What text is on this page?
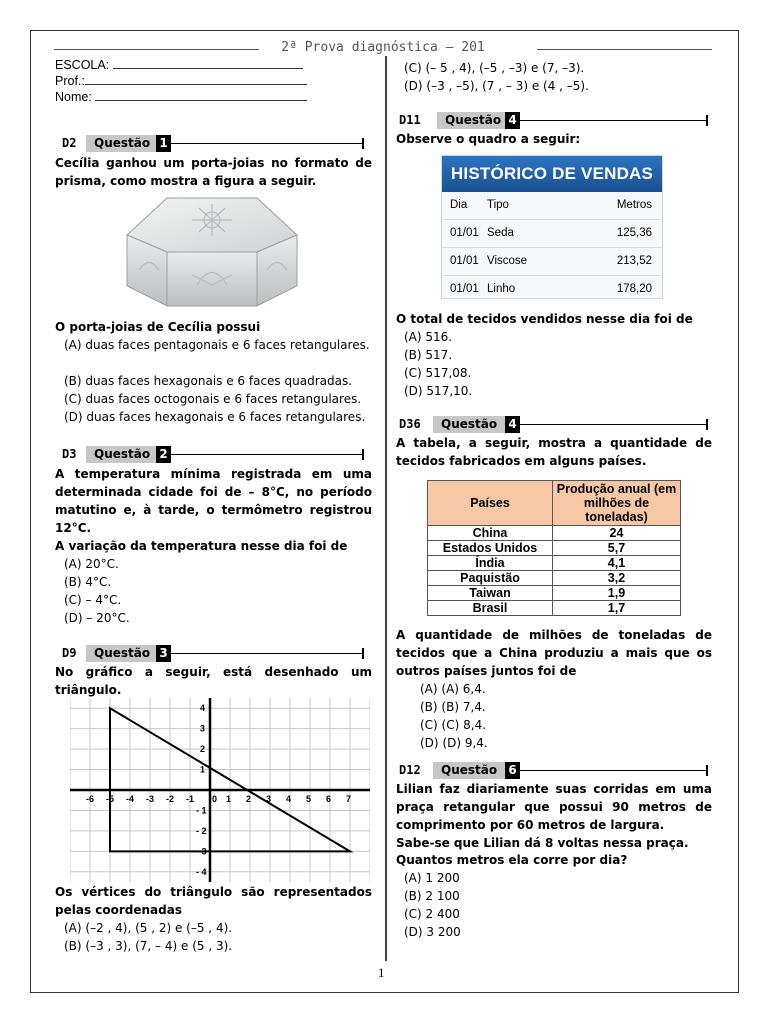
2ª Prova diagnóstica – 201
ESCOLA:
Prof.:
Nome:
D2	Questão 1
Cecília ganhou um porta-joias no formato de prisma, como mostra a figura a seguir.
O porta-joias de Cecília possui
(A) duas faces pentagonais e 6 faces retangulares.
(B) duas faces hexagonais e 6 faces quadradas.
(C) duas faces octogonais e 6 faces retangulares.
(D) duas faces hexagonais e 6 faces retangulares.
D3	Questão 2
A temperatura mínima registrada em uma determinada cidade foi de – 8°C, no período matutino e, à tarde, o termômetro registrou 12°C.
A variação da temperatura nesse dia foi de
(A) 20°C.
(B) 4°C.
(C) – 4°C.
(D) – 20°C.
D9	Questão 3
No gráfico a seguir, está desenhado um triângulo.
-6 -5 -4 -3 -2 -1 0 1 2 3 4 5 6 7
4
3
2
1
- 1
- 2
- 3
- 4
Os vértices do triângulo são representados pelas coordenadas
(A) (–2 , 4), (5 , 2) e (–5 , 4).
(B) (–3 , 3), (7, – 4) e (5 , 3).
(C) (– 5 , 4), (–5 , –3) e (7, –3).
(D) (–3 , –5), (7 , – 3) e (4 , –5).
D11	Questão 4
Observe o quadro a seguir:
HISTÓRICO DE VENDAS
Dia Tipo	Metros
01/01 Seda	125,36
01/01 Viscose	213,52
01/01 Linho	178,20
O total de tecidos vendidos nesse dia foi de
(A) 516.
(B) 517.
(C) 517,08.
(D) 517,10.
D36	Questão 4
A tabela, a seguir, mostra a quantidade de tecidos fabricados em alguns países.
Países	Produção anual (em milhões de toneladas)
China	24
Estados Unidos	5,7
Índia	4,1
Paquistão	3,2
Taiwan	1,9
Brasil	1,7
A quantidade de milhões de toneladas de tecidos que a China produziu a mais que os outros países juntos foi de
(A) (A) 6,4.
(B) (B) 7,4.
(C) (C) 8,4.
(D) (D) 9,4.
D12	Questão 6
Lilian faz diariamente suas corridas em uma praça retangular que possui 90 metros de comprimento por 60 metros de largura.
Sabe-se que Lilian dá 8 voltas nessa praça.
Quantos metros ela corre por dia?
(A) 1 200
(B) 2 100
(C) 2 400
(D) 3 200
1
